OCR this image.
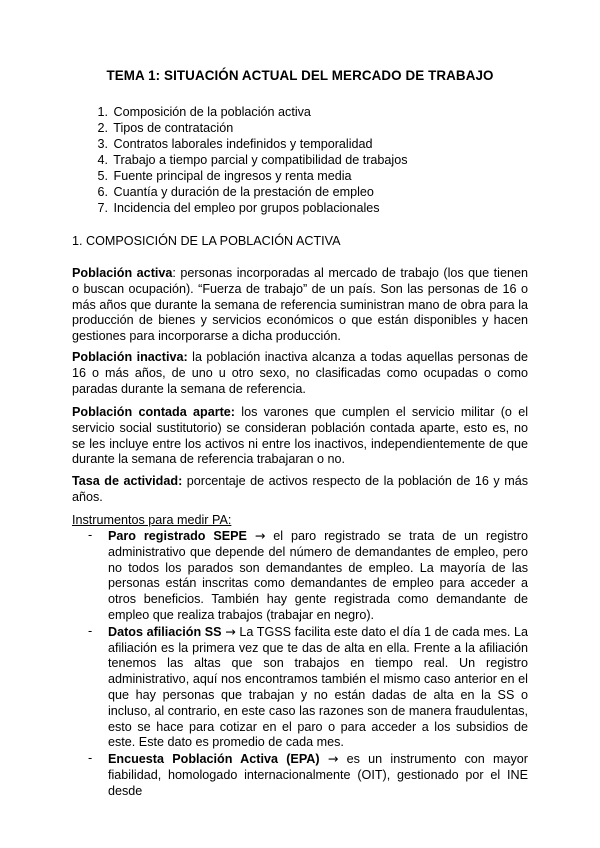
TEMA 1: SITUACIÓN ACTUAL DEL MERCADO DE TRABAJO
1. Composición de la población activa
2. Tipos de contratación
3. Contratos laborales indefinidos y temporalidad
4. Trabajo a tiempo parcial y compatibilidad de trabajos
5. Fuente principal de ingresos y renta media
6. Cuantía y duración de la prestación de empleo
7. Incidencia del empleo por grupos poblacionales
1. COMPOSICIÓN DE LA POBLACIÓN ACTIVA
Población activa: personas incorporadas al mercado de trabajo (los que tienen o buscan ocupación). “Fuerza de trabajo” de un país. Son las personas de 16 o más años que durante la semana de referencia suministran mano de obra para la producción de bienes y servicios económicos o que están disponibles y hacen gestiones para incorporarse a dicha producción.
Población inactiva: la población inactiva alcanza a todas aquellas personas de 16 o más años, de uno u otro sexo, no clasificadas como ocupadas o como paradas durante la semana de referencia.
Población contada aparte: los varones que cumplen el servicio militar (o el servicio social sustitutorio) se consideran población contada aparte, esto es, no se les incluye entre los activos ni entre los inactivos, independientemente de que durante la semana de referencia trabajaran o no.
Tasa de actividad: porcentaje de activos respecto de la población de 16 y más años.
Instrumentos para medir PA:
- Paro registrado SEPE → el paro registrado se trata de un registro administrativo que depende del número de demandantes de empleo, pero no todos los parados son demandantes de empleo. La mayoría de las personas están inscritas como demandantes de empleo para acceder a otros beneficios. También hay gente registrada como demandante de empleo que realiza trabajos (trabajar en negro).
- Datos afiliación SS → La TGSS facilita este dato el día 1 de cada mes. La afiliación es la primera vez que te das de alta en ella. Frente a la afiliación tenemos las altas que son trabajos en tiempo real. Un registro administrativo, aquí nos encontramos también el mismo caso anterior en el que hay personas que trabajan y no están dadas de alta en la SS o incluso, al contrario, en este caso las razones son de manera fraudulentas, esto se hace para cotizar en el paro o para acceder a los subsidios de este. Este dato es promedio de cada mes.
- Encuesta Población Activa (EPA) → es un instrumento con mayor fiabilidad, homologado internacionalmente (OIT), gestionado por el INE desde
